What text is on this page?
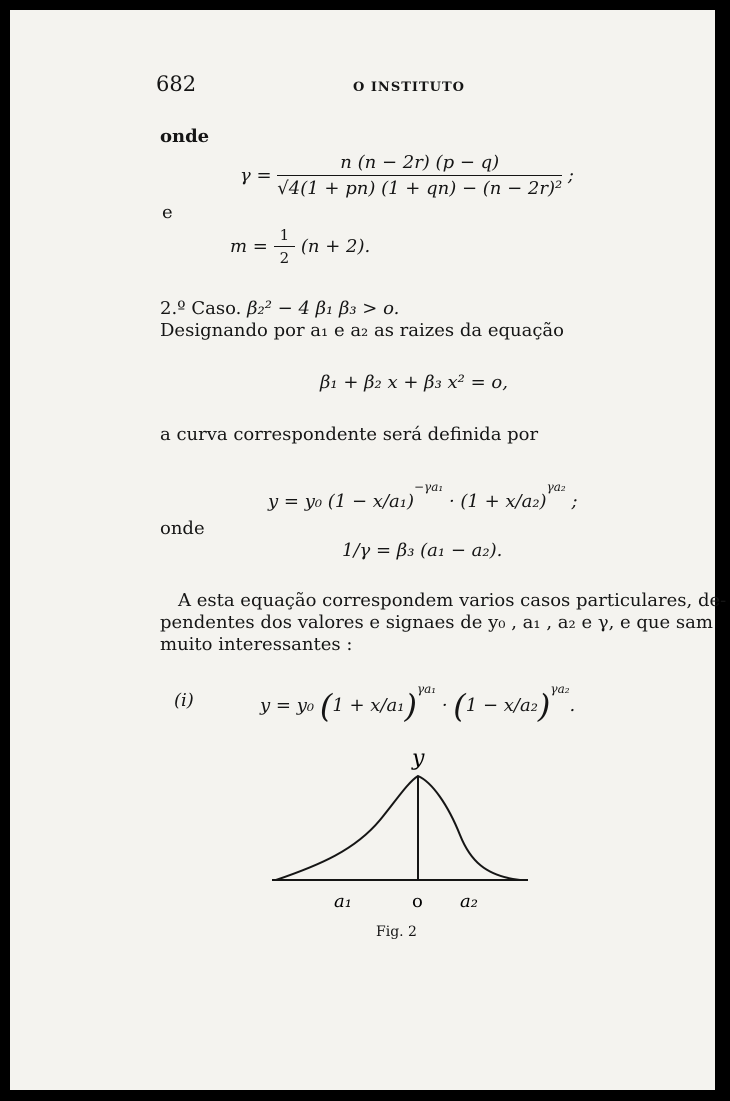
682	O INSTITUTO
onde
$\gamma = \frac{n (n - 2r) (p - q)}{\text{√4(1 + pn) (1 + qn) − (n − 2r)²}}$ ;
e
$m = \frac{1}{2} (n + 2)$.
2.º Caso. β₂² − 4 β₁ β₃ > o.
Designando por a₁ e a₂ as raizes da equação
β₁ + β₂ x + β₃ x² = o,
a curva correspondente será definida por
y = y₀ $(1 - x/a_1)^{-\gamma a_1} \cdot (1 + x/a_2)^{\gamma a_2}$ ;
onde
1/γ = β₃ (a₁ − a₂).
A esta equação correspondem varios casos particulares, de-
pendentes dos valores e signaes de y₀ , a₁ , a₂ e γ, e que sam
muito interessantes :
(i)	y = y₀ $(1 + x/a_1)^{\gamma a_1} \cdot (1 - x/a_2)^{\gamma a_2}$.
y
a₁	o a₂
Fig. 2
